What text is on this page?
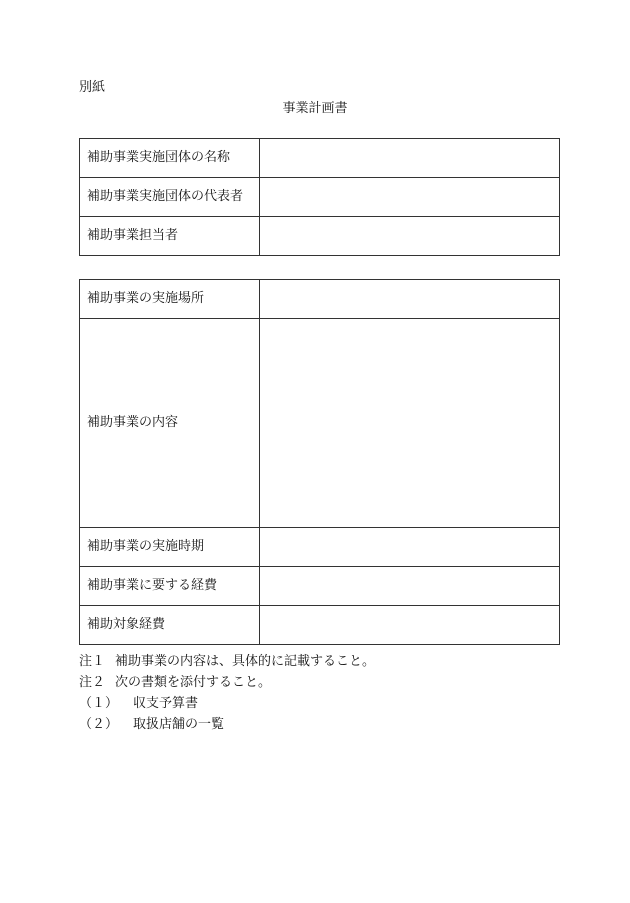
別紙
事業計画書
補助事業実施団体の名称	
補助事業実施団体の代表者	
補助事業担当者	
補助事業の実施場所	
補助事業の内容	
補助事業の実施時期	
補助事業に要する経費	
補助対象経費	
注１ 補助事業の内容は、具体的に記載すること。
注２ 次の書類を添付すること。
（１） 収支予算書
（２） 取扱店舗の一覧
